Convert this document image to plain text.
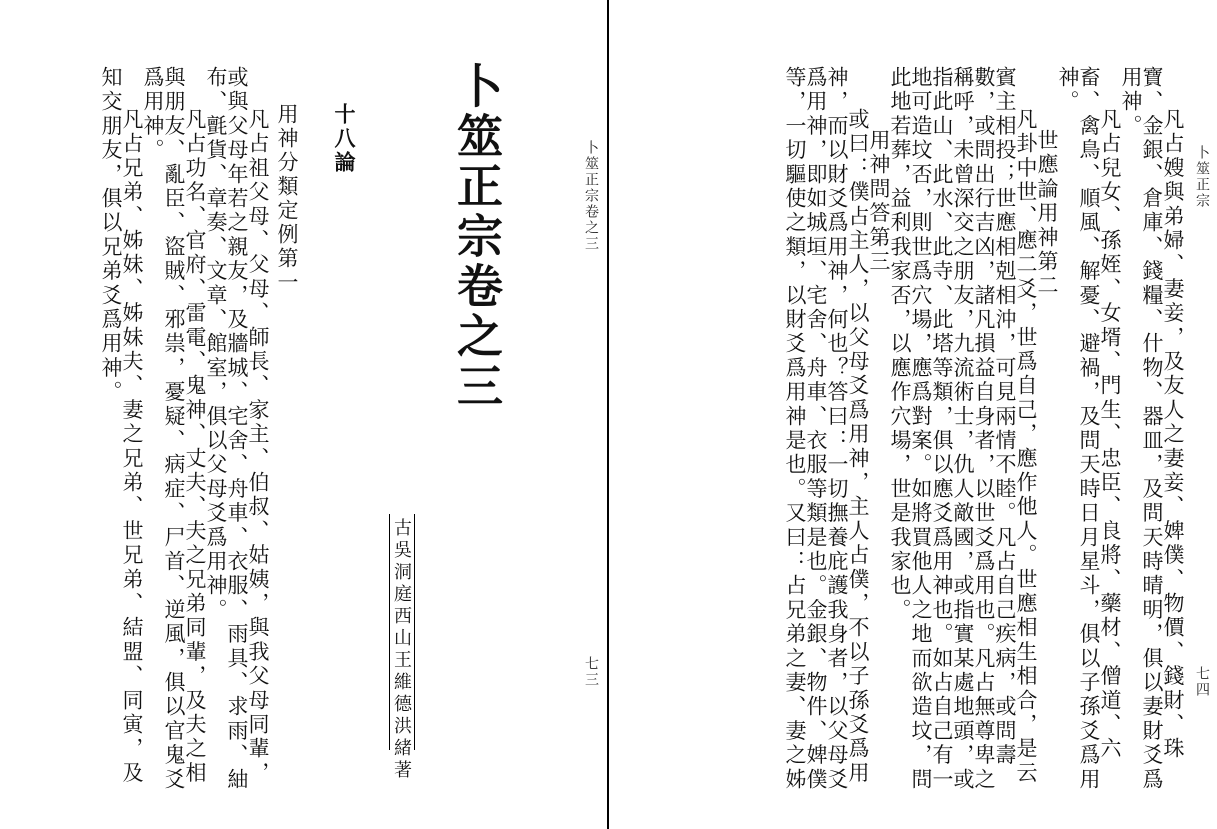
卜筮正宗卷之三
七三
卜筮正宗卷之三
古吳洞庭西山王維德洪緒著
十八論
用神分類定例第一

凡占祖父母、父母、師長、家主、伯叔、姑姨，與我父母同輩，或與父母年若之親友，及牆城、宅舍、舟車、衣服、雨具、求雨、紬布、氈貨、章奏、文章、館室，俱以父母爻爲用神。

凡占功名、官府、雷電、鬼神、丈夫、夫之兄弟同輩，及夫之相與朋友、亂臣、盜賊、邪祟，憂疑、病症、尸首、逆風，俱以官鬼爻爲用神。

凡占兄弟、姊妹、姊妹夫、妻之兄弟、世兄弟、結盟、同寅，及知交朋友，俱以兄弟爻爲用神。	卜筮正宗
七四

凡占嫂與弟婦、妻妾，及友人之妻妾、婢僕、物價、錢財、珠寶、金銀、倉庫、錢糧、什物、器皿，及問天時晴明，俱以妻財爻爲用神。

凡占兒女、孫姪、女壻、門生、忠臣、良將、藥材、僧道、六畜、禽鳥、順風、解憂、避禍，及問天時日月星斗，俱以子孫爻爲用神。

世應論用神第二

凡卦中世、應二爻，世爲自己，應作他人。世應相生相合，是云賓主相投；世應相剋相沖，可見兩情不睦。凡占自己疾病，或問壽數，或問出行吉凶，諸凡損益自身者，以世爻爲用也。凡占無尊卑之稱呼，未曾深交之朋友，九流術士，仇人敵國，或指實某處地頭，或指此山、此水、此寺、此塔等類，俱以應爻爲用神也。如占自己有一地可造坟否，則世爲穴場，應爲對案。如將買他人之地而欲造坟，問此地若葬，益利我家否，以應作穴場，世是我家也。

用神問答第三

或曰：僕占主人，以父母爻爲用神，主人占僕，不以子孫爻爲用神，而以財爻爲用神，何也？答曰：一切撫養庇護我身者，以父母爻爲用神，即如城垣、宅舍、舟車、衣服等類是也。金銀、物件、婢僕等，一切驅使之類，以財爻爲用神是也。又曰：占兄弟之妻、妻之姊
